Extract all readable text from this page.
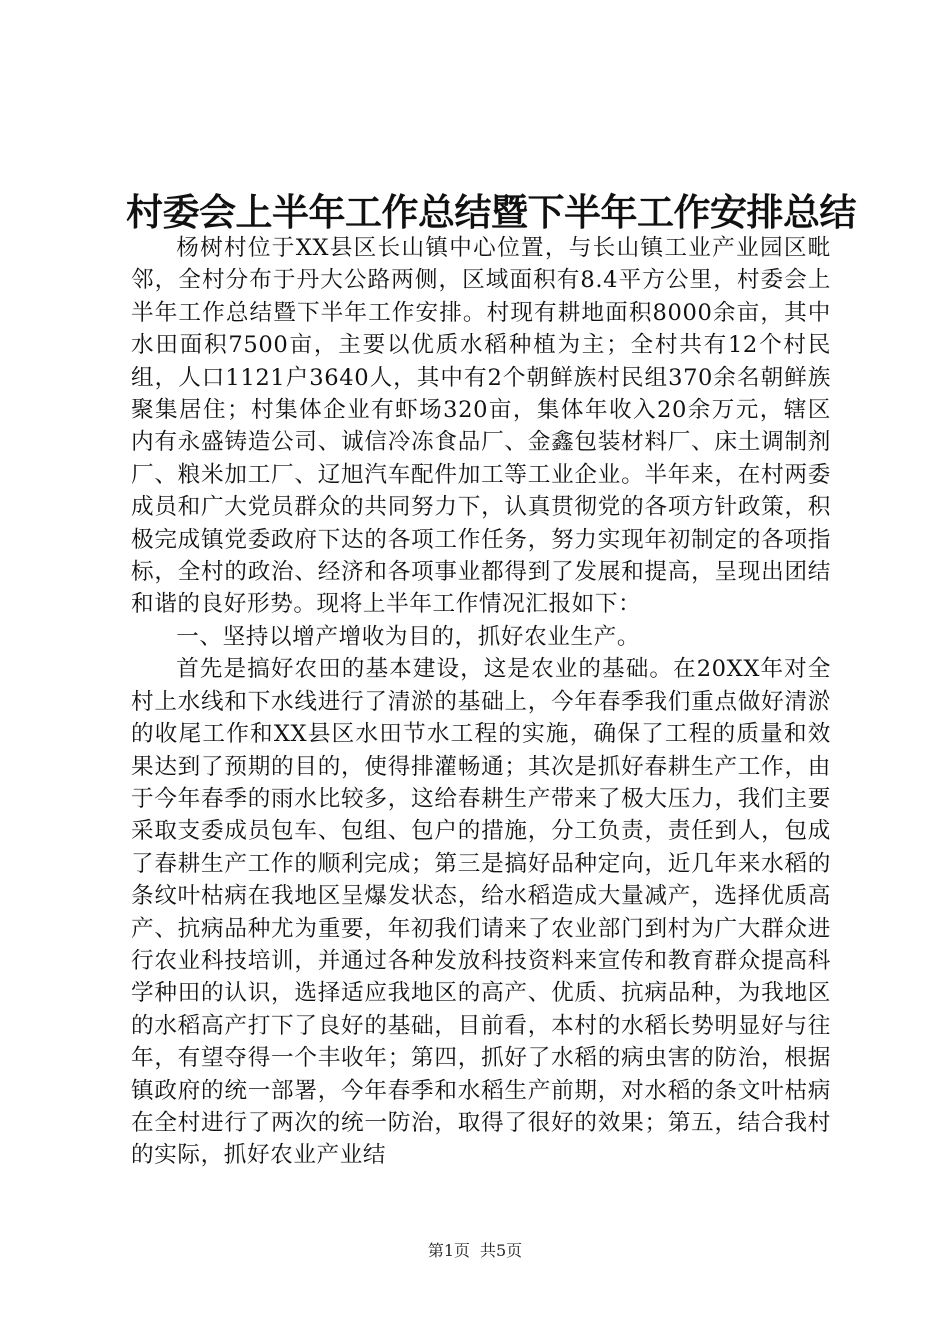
村委会上半年工作总结暨下半年工作安排总结

杨树村位于XX县区长山镇中心位置，与长山镇工业产业园区毗邻，全村分布于丹大公路两侧，区域面积有8.4平方公里，村委会上半年工作总结暨下半年工作安排。村现有耕地面积8000余亩，其中水田面积7500亩，主要以优质水稻种植为主；全村共有12个村民组，人口1121户3640人，其中有2个朝鲜族村民组370余名朝鲜族聚集居住；村集体企业有虾场320亩，集体年收入20余万元，辖区内有永盛铸造公司、诚信冷冻食品厂、金鑫包装材料厂、床土调制剂厂、粮米加工厂、辽旭汽车配件加工等工业企业。半年来，在村两委成员和广大党员群众的共同努力下，认真贯彻党的各项方针政策，积极完成镇党委政府下达的各项工作任务，努力实现年初制定的各项指标，全村的政治、经济和各项事业都得到了发展和提高，呈现出团结和谐的良好形势。现将上半年工作情况汇报如下：

一、坚持以增产增收为目的，抓好农业生产。

首先是搞好农田的基本建设，这是农业的基础。在20XX年对全村上水线和下水线进行了清淤的基础上，今年春季我们重点做好清淤的收尾工作和XX县区水田节水工程的实施，确保了工程的质量和效果达到了预期的目的，使得排灌畅通；其次是抓好春耕生产工作，由于今年春季的雨水比较多，这给春耕生产带来了极大压力，我们主要采取支委成员包车、包组、包户的措施，分工负责，责任到人，包成了春耕生产工作的顺利完成；第三是搞好品种定向，近几年来水稻的条纹叶枯病在我地区呈爆发状态，给水稻造成大量减产，选择优质高产、抗病品种尤为重要，年初我们请来了农业部门到村为广大群众进行农业科技培训，并通过各种发放科技资料来宣传和教育群众提高科学种田的认识，选择适应我地区的高产、优质、抗病品种，为我地区的水稻高产打下了良好的基础，目前看，本村的水稻长势明显好与往年，有望夺得一个丰收年；第四，抓好了水稻的病虫害的防治，根据镇政府的统一部署，今年春季和水稻生产前期，对水稻的条文叶枯病在全村进行了两次的统一防治，取得了很好的效果；第五，结合我村的实际，抓好农业产业结

第1页 共5页
